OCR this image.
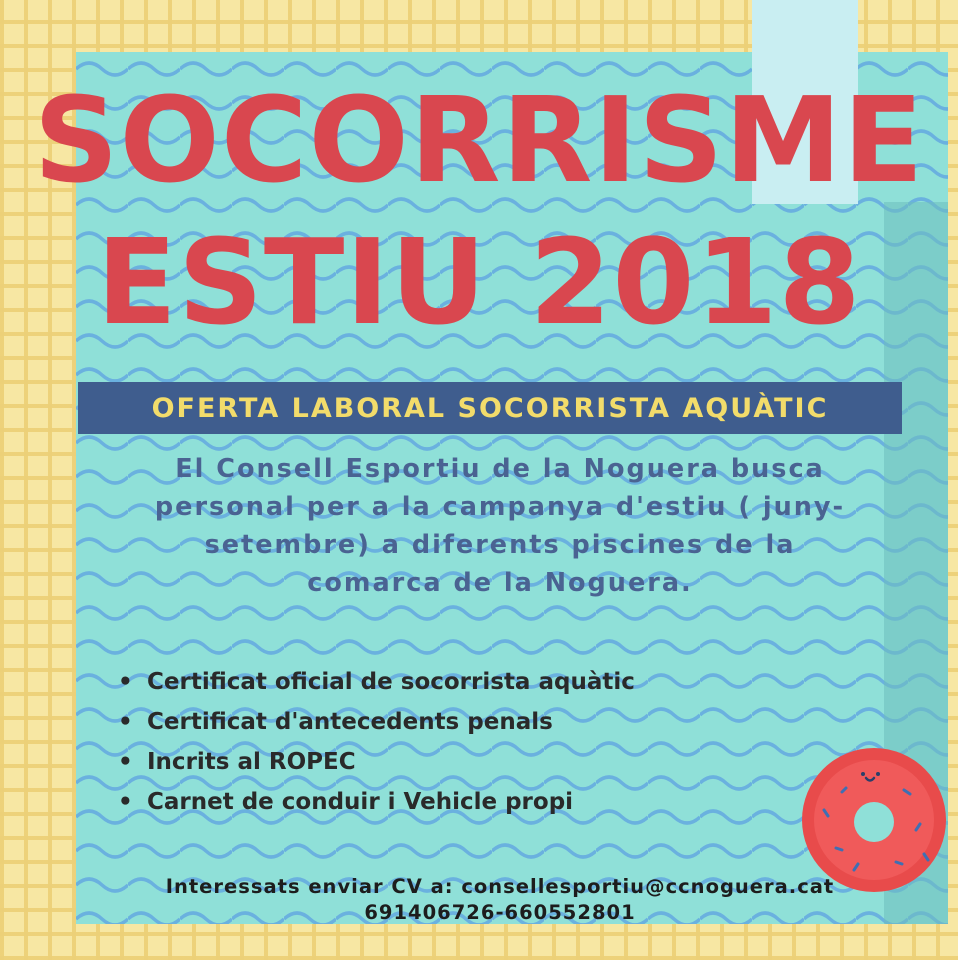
SOCORRISME
ESTIU 2018
OFERTA LABORAL SOCORRISTA AQUÀTIC
El Consell Esportiu de la Noguera busca
personal per a la campanya d'estiu ( juny-
setembre) a diferents piscines de la
comarca de la Noguera.
• Certificat oficial de socorrista aquàtic
• Certificat d'antecedents penals
• Incrits al ROPEC
• Carnet de conduir i Vehicle propi
Interessats enviar CV a: consellesportiu@ccnoguera.cat
691406726-660552801
